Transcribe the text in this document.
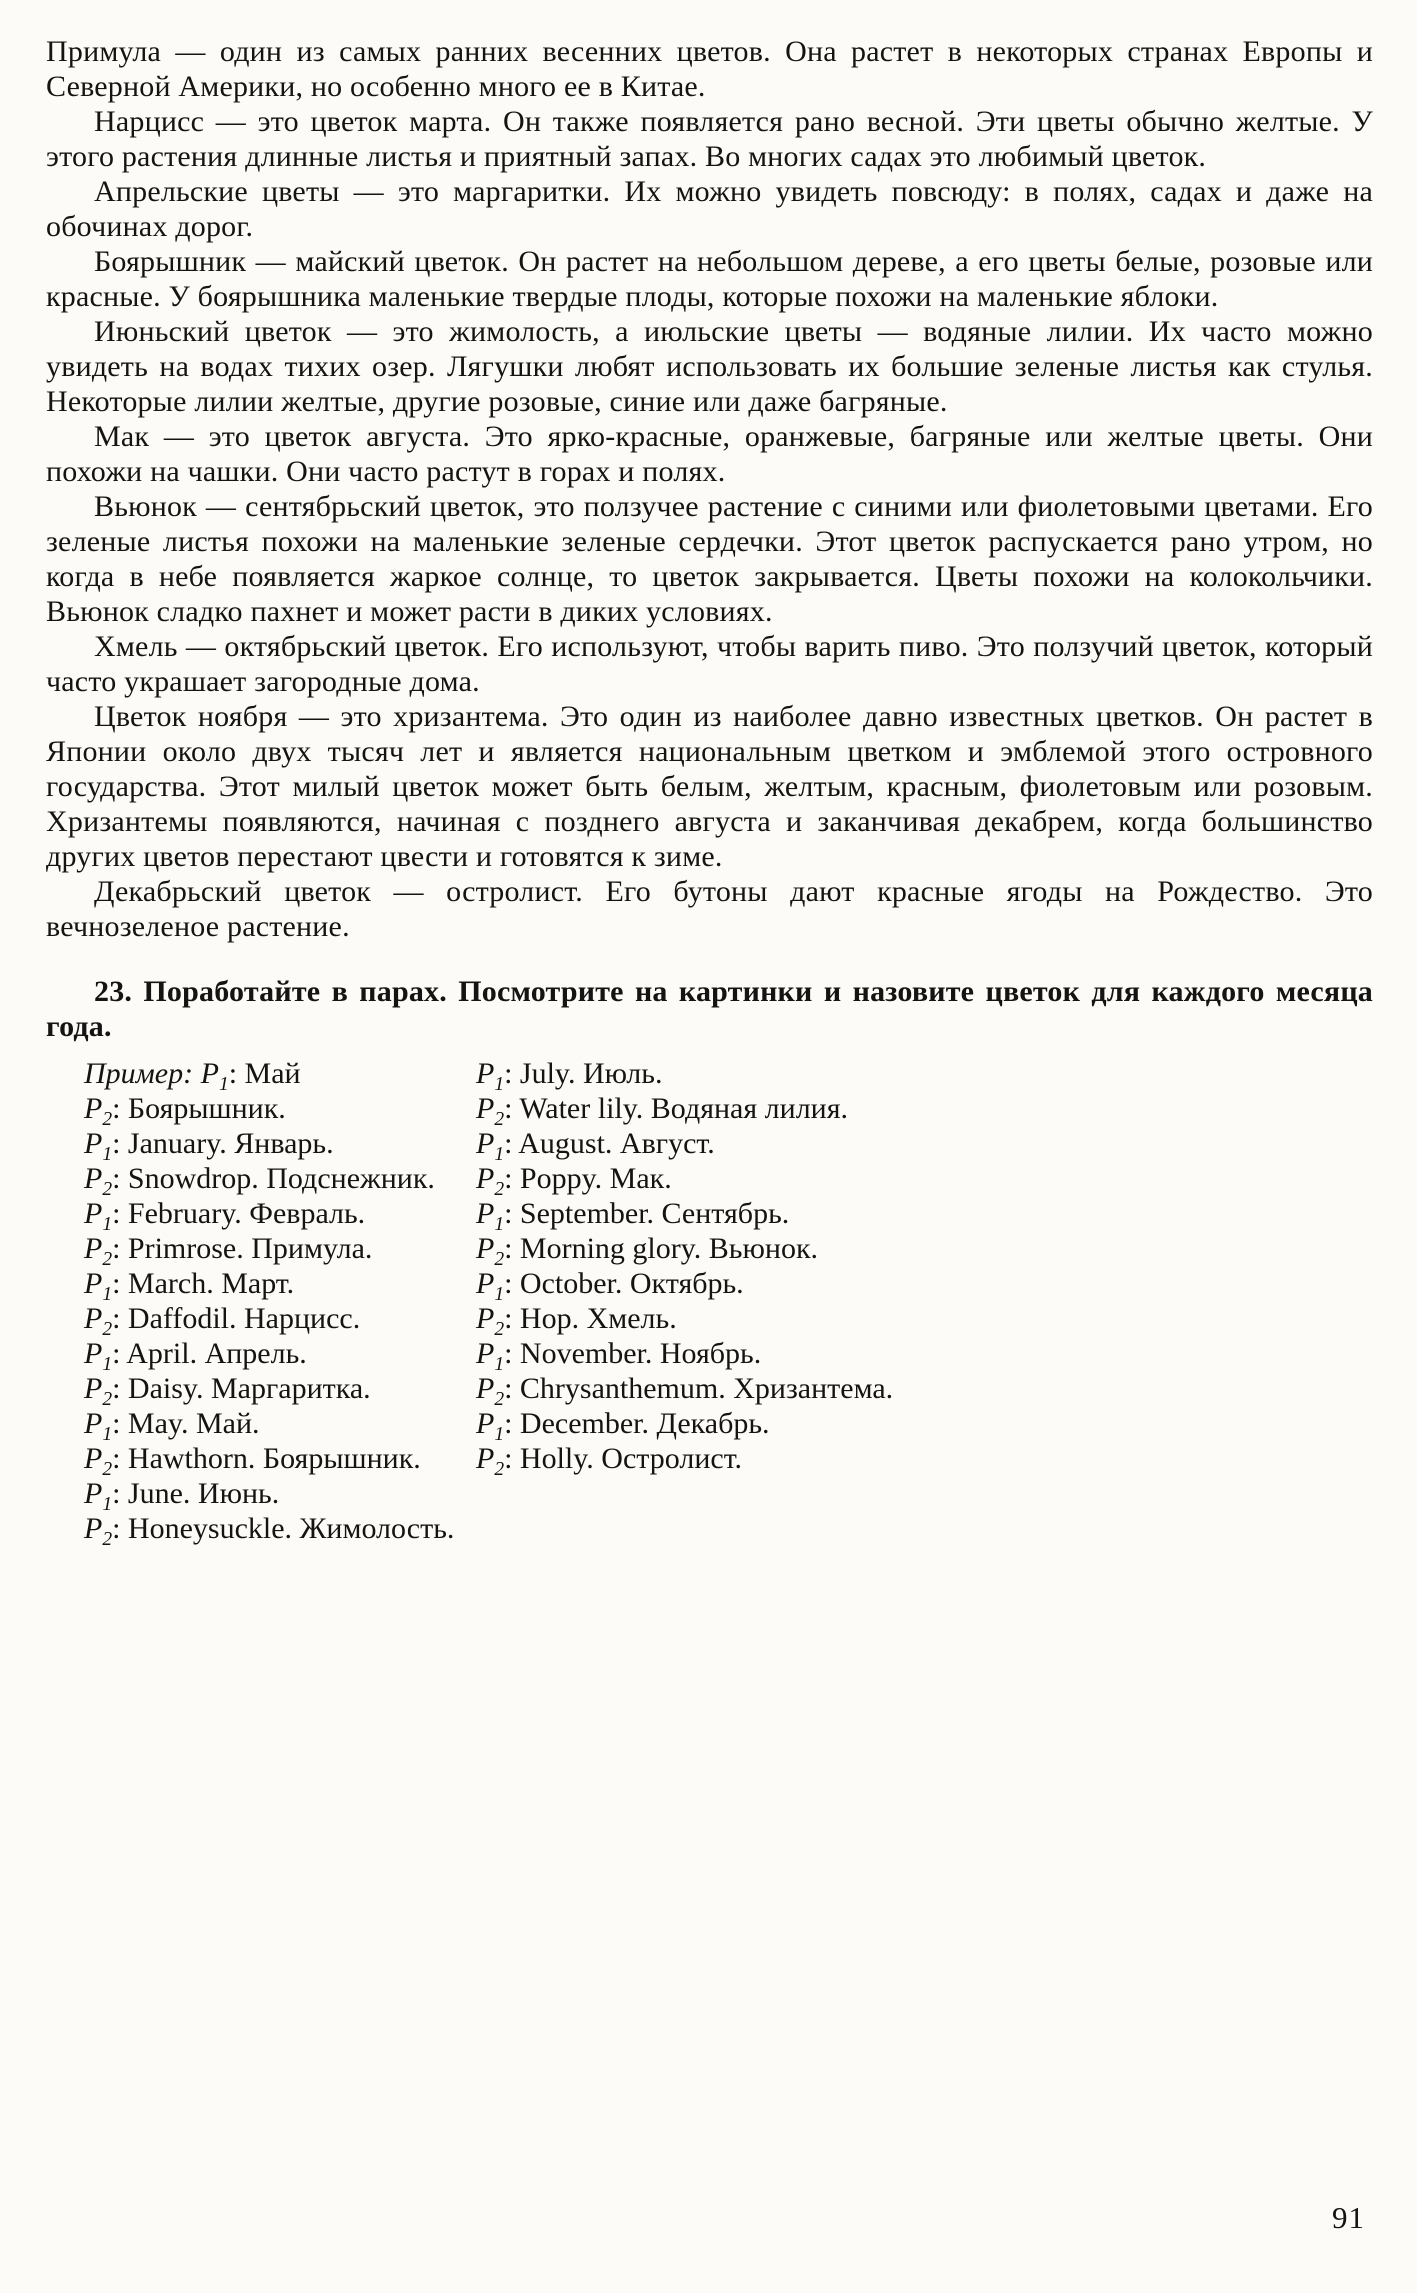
Примула — один из самых ранних весенних цветов. Она растет в некоторых странах Европы и Северной Америки, но особенно много ее в Китае.

Нарцисс — это цветок марта. Он также появляется рано весной. Эти цветы обычно желтые. У этого растения длинные листья и приятный запах. Во многих садах это любимый цветок.

Апрельские цветы — это маргаритки. Их можно увидеть повсюду: в полях, садах и даже на обочинах дорог.

Боярышник — майский цветок. Он растет на небольшом дереве, а его цветы белые, розовые или красные. У боярышника маленькие твердые плоды, которые похожи на маленькие яблоки.

Июньский цветок — это жимолость, а июльские цветы — водяные лилии. Их часто можно увидеть на водах тихих озер. Лягушки любят использовать их большие зеленые листья как стулья. Некоторые лилии желтые, другие розовые, синие или даже багряные.

Мак — это цветок августа. Это ярко-красные, оранжевые, багряные или желтые цветы. Они похожи на чашки. Они часто растут в горах и полях.

Вьюнок — сентябрьский цветок, это ползучее растение с синими или фиолетовыми цветами. Его зеленые листья похожи на маленькие зеленые сердечки. Этот цветок распускается рано утром, но когда в небе появляется жаркое солнце, то цветок закрывается. Цветы похожи на колокольчики. Вьюнок сладко пахнет и может расти в диких условиях.

Хмель — октябрьский цветок. Его используют, чтобы варить пиво. Это ползучий цветок, который часто украшает загородные дома.

Цветок ноября — это хризантема. Это один из наиболее давно известных цветков. Он растет в Японии около двух тысяч лет и является национальным цветком и эмблемой этого островного государства. Этот милый цветок может быть белым, желтым, красным, фиолетовым или розовым. Хризантемы появляются, начиная с позднего августа и заканчивая декабрем, когда большинство других цветов перестают цвести и готовятся к зиме.

Декабрьский цветок — остролист. Его бутоны дают красные ягоды на Рождество. Это вечнозеленое растение.

23. Поработайте в парах. Посмотрите на картинки и назовите цветок для каждого месяца года.

Пример: $P_1$: Май

$P_2$: Боярышник.

$P_1$: January. Январь.

$P_2$: Snowdrop. Подснежник.

$P_1$: February. Февраль.

$P_2$: Primrose. Примула.

$P_1$: March. Март.

$P_2$: Daffodil. Нарцисс.

$P_1$: April. Апрель.

$P_2$: Daisy. Маргаритка.

$P_1$: May. Май.

$P_2$: Hawthorn. Боярышник.

$P_1$: June. Июнь.

$P_2$: Honeysuckle. Жимолость.

$P_1$: July. Июль.

$P_2$: Water lily. Водяная лилия.

$P_1$: August. Август.

$P_2$: Poppy. Мак.

$P_1$: September. Сентябрь.

$P_2$: Morning glory. Вьюнок.

$P_1$: October. Октябрь.

$P_2$: Hop. Хмель.

$P_1$: November. Ноябрь.

$P_2$: Chrysanthemum. Хризантема.

$P_1$: December. Декабрь.

$P_2$: Holly. Остролист.

91
